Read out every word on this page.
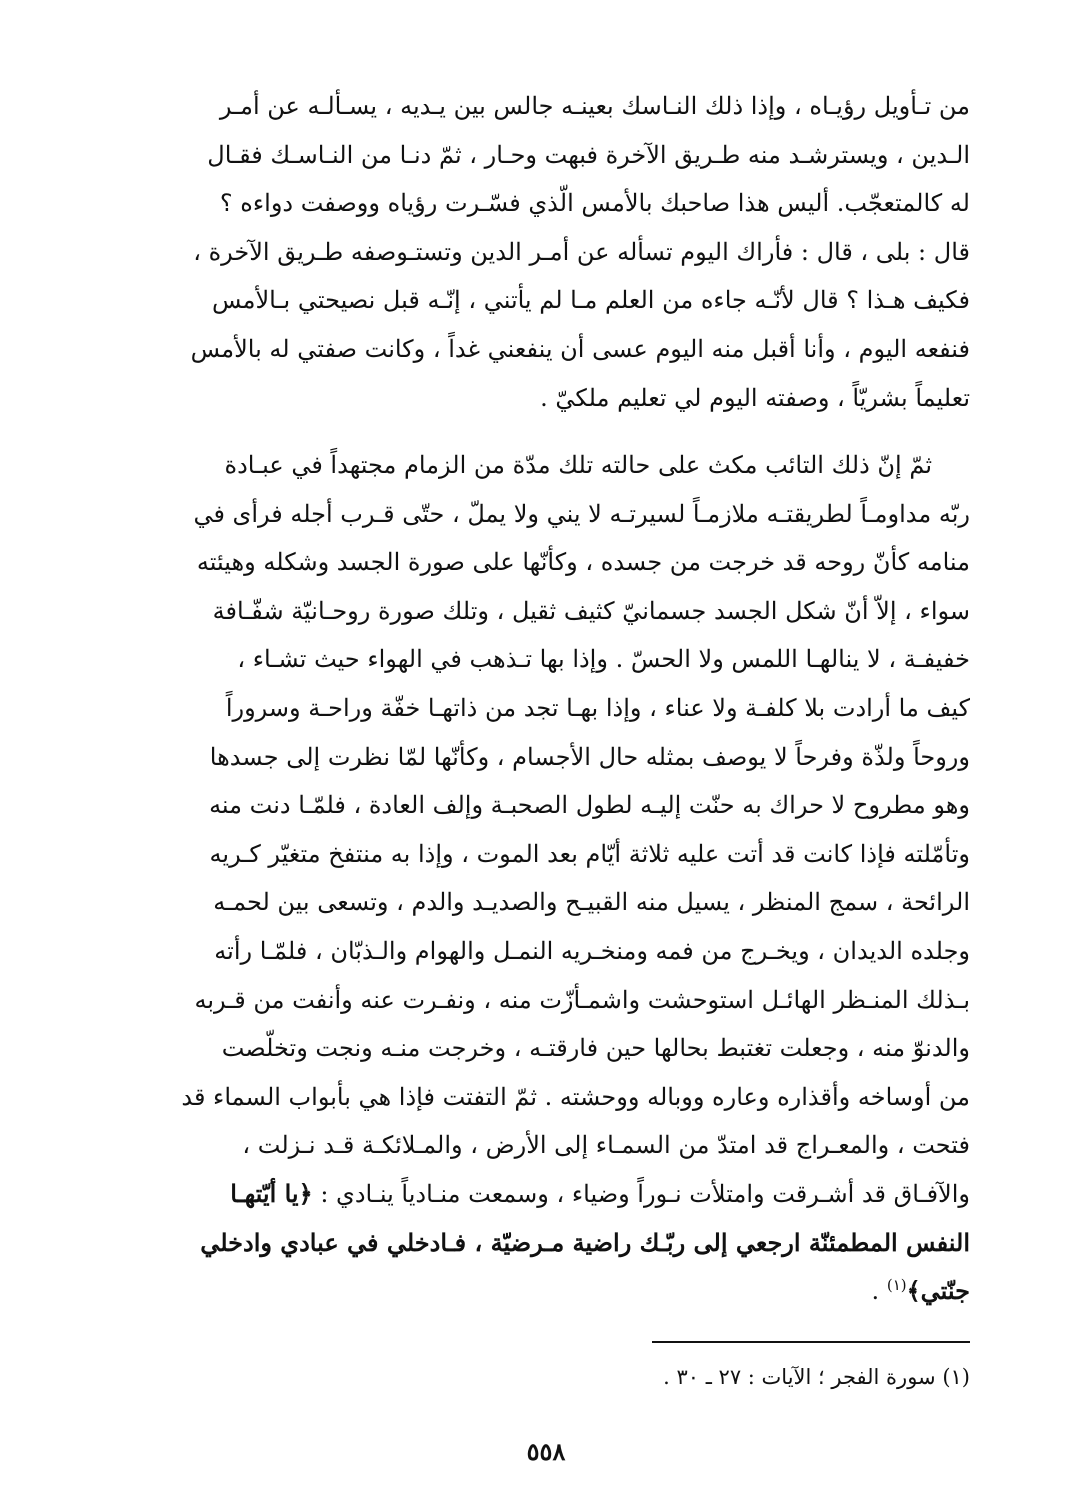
من تـأويل رؤيـاه ، وإذا ذلك النـاسك بعينـه جالس بين يـديه ، يسـألـه عن أمـر
الـدين ، ويسترشـد منه طـريق الآخرة فبهت وحـار ، ثمّ دنـا من النـاسـك فقـال
له كالمتعجّب. أليس هذا صاحبك بالأمس الّذي فسّـرت رؤياه ووصفت دواءه ؟
قال : بلى ، قال : فأراك اليوم تسأله عن أمـر الدين وتستـوصفه طـريق الآخرة ،
فكيف هـذا ؟ قال لأنّـه جاءه من العلم مـا لم يأتني ، إنّـه قبل نصيحتي بـالأمس
فنفعه اليوم ، وأنا أقبل منه اليوم عسى أن ينفعني غداً ، وكانت صفتي له بالأمس
تعليماً بشريّاً ، وصفته اليوم لي تعليم ملكيّ .
ثمّ إنّ ذلك التائب مكث على حالته تلك مدّة من الزمام مجتهداً في عبـادة
ربّه مداومـاً لطريقتـه ملازمـاً لسيرتـه لا يني ولا يملّ ، حتّى قـرب أجله فرأى في
منامه كأنّ روحه قد خرجت من جسده ، وكأنّها على صورة الجسد وشكله وهيئته
سواء ، إلاّ أنّ شكل الجسد جسمانيّ كثيف ثقيل ، وتلك صورة روحـانيّة شفّـافة
خفيفـة ، لا ينالهـا اللمس ولا الحسّ . وإذا بها تـذهب في الهواء حيث تشـاء ،
كيف ما أرادت بلا كلفـة ولا عناء ، وإذا بهـا تجد من ذاتهـا خفّة وراحـة وسروراً
وروحاً ولذّة وفرحاً لا يوصف بمثله حال الأجسام ، وكأنّها لمّا نظرت إلى جسدها
وهو مطروح لا حراك به حنّت إليـه لطول الصحبـة وإلف العادة ، فلمّـا دنت منه
وتأمّلته فإذا كانت قد أتت عليه ثلاثة أيّام بعد الموت ، وإذا به منتفخ متغيّر كـريه
الرائحة ، سمج المنظر ، يسيل منه القبيـح والصديـد والدم ، وتسعى بين لحمـه
وجلده الديدان ، ويخـرج من فمه ومنخـريه النمـل والهوام والـذبّان ، فلمّـا رأته
بـذلك المنـظر الهائـل استوحشت واشمـأزّت منه ، ونفـرت عنه وأنفت من قـربه
والدنوّ منه ، وجعلت تغتبط بحالها حين فارقتـه ، وخرجت منـه ونجت وتخلّصت
من أوساخه وأقذاره وعاره ووباله ووحشته . ثمّ التفتت فإذا هي بأبواب السماء قد
فتحت ، والمعـراج قد امتدّ من السمـاء إلى الأرض ، والمـلائكـة قـد نـزلت ،
والآفـاق قد أشـرقت وامتلأت نـوراً وضياء ، وسمعت منـادياً ينـادي : ﴿يا أيّتهـا
النفس المطمئنّة ارجعي إلى ربّـك راضية مـرضيّة ، فـادخلي في عبادي وادخلي
جنّتي﴾$^{(١)}$ .
(١) سورة الفجر ؛ الآيات : ٢٧ ـ ٣٠ .
٥٥٨
